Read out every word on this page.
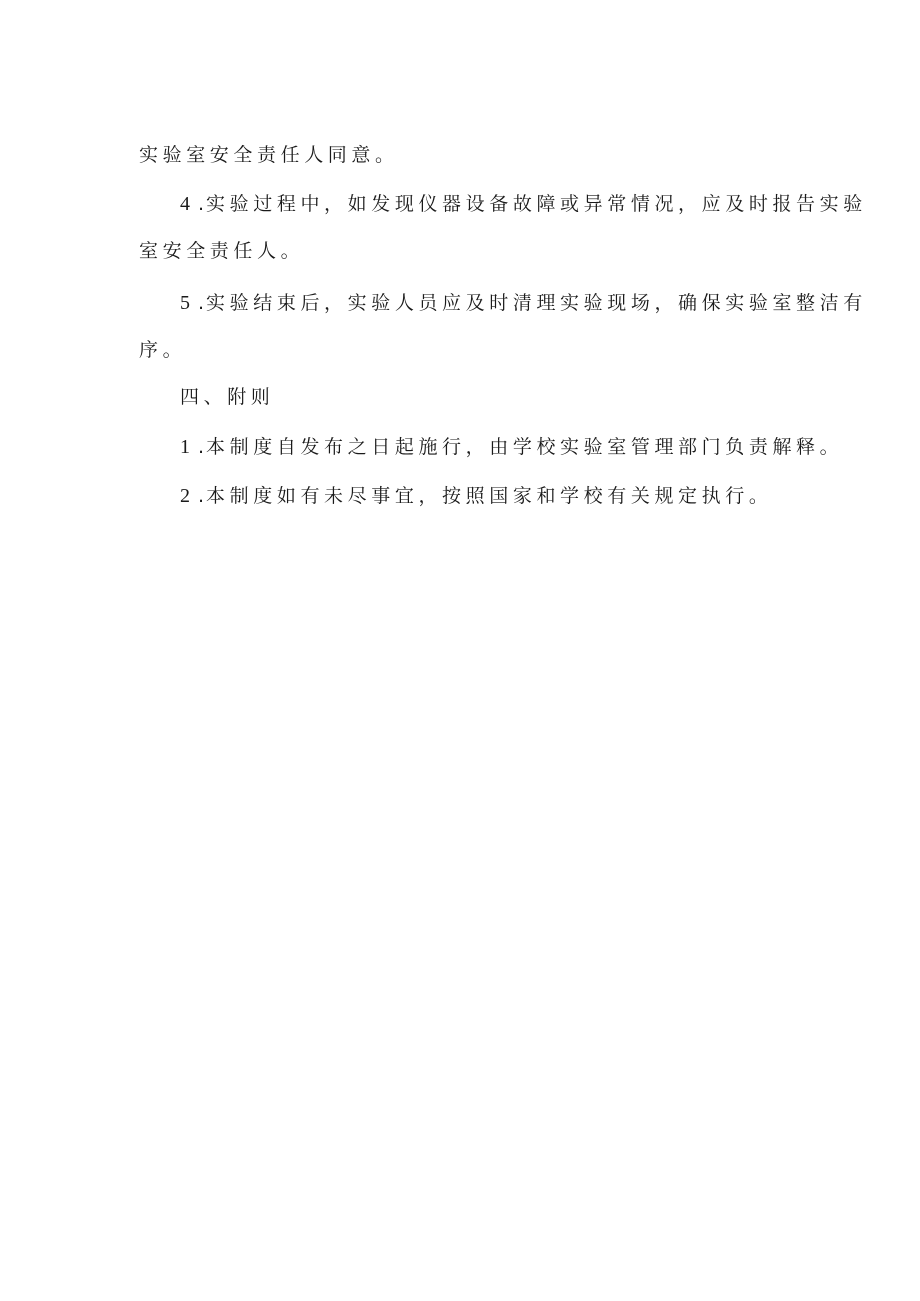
实验室安全责任人同意。
4 .实验过程中，如发现仪器设备故障或异常情况，应及时报告实验
室安全责任人。
5 .实验结束后，实验人员应及时清理实验现场，确保实验室整洁有
序。
四、附则
1 .本制度自发布之日起施行，由学校实验室管理部门负责解释。
2 .本制度如有未尽事宜，按照国家和学校有关规定执行。
